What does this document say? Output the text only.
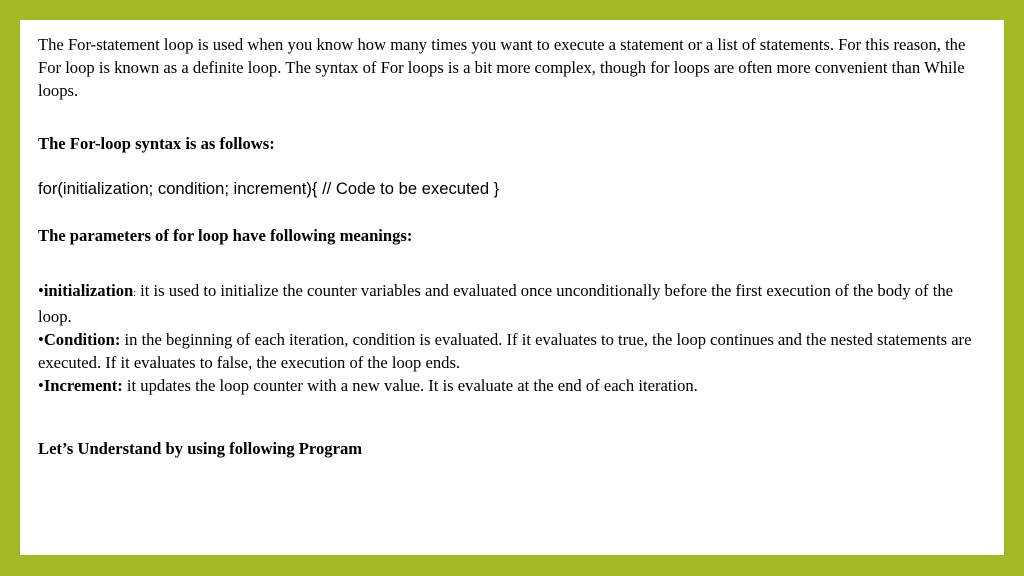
The For-statement loop is used when you know how many times you want to execute a statement or a list of statements. For this reason, the For loop is known as a definite loop. The syntax of For loops is a bit more complex, though for loops are often more convenient than While loops.

The For-loop syntax is as follows:

for(initialization; condition; increment){ // Code to be executed }

The parameters of for loop have following meanings:

•initialization: it is used to initialize the counter variables and evaluated once unconditionally before the first execution of the body of the loop.

•Condition: in the beginning of each iteration, condition is evaluated. If it evaluates to true, the loop continues and the nested statements are executed. If it evaluates to false, the execution of the loop ends.

•Increment: it updates the loop counter with a new value. It is evaluate at the end of each iteration.

Let’s Understand by using following Program
